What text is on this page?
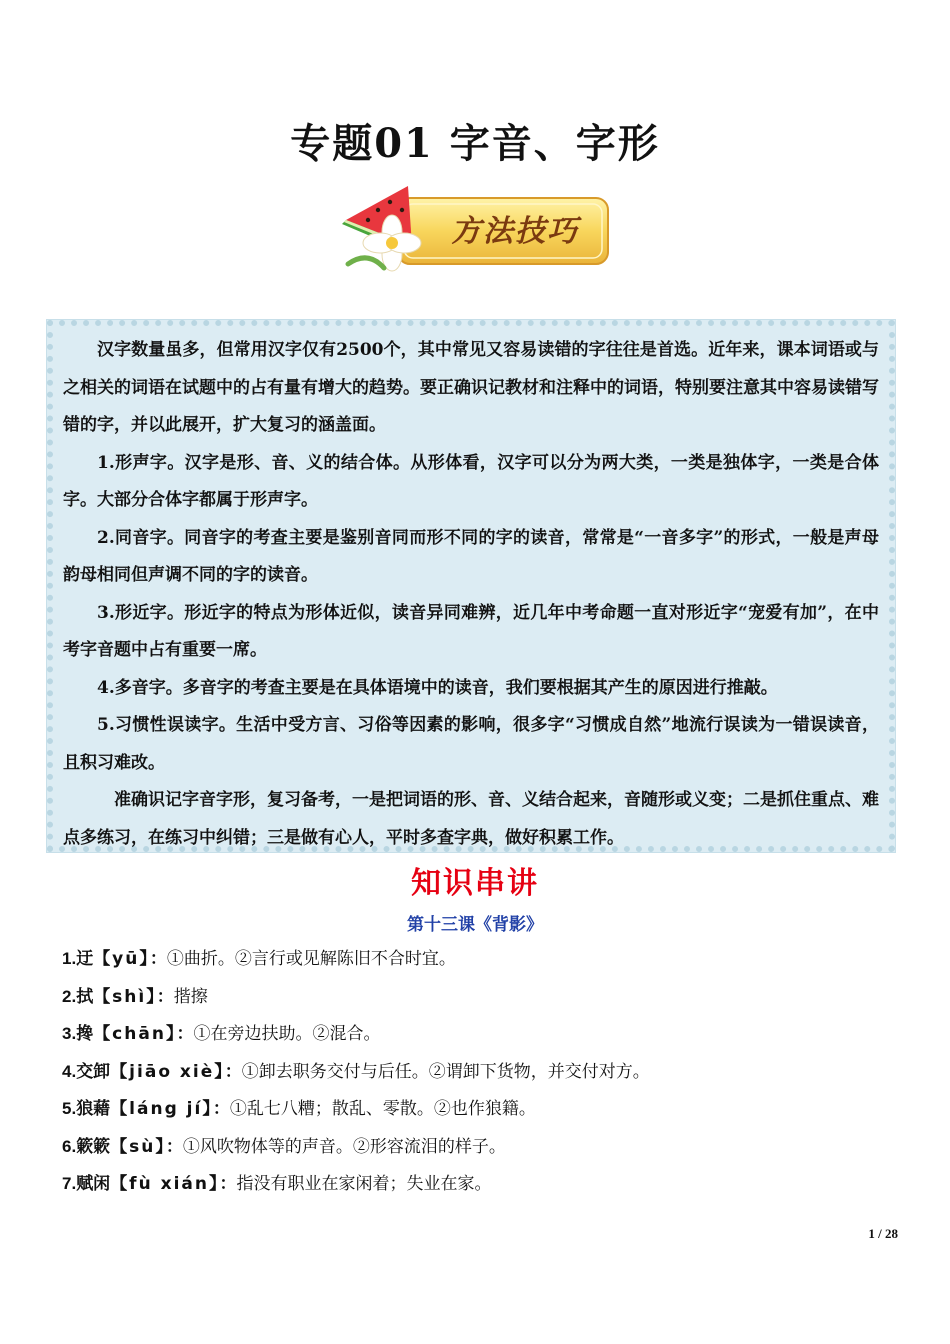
专题01 字音、字形
方法技巧

汉字数量虽多，但常用汉字仅有2500个，其中常见又容易读错的字往往是首选。近年来，课本词语或与之相关的词语在试题中的占有量有增大的趋势。要正确识记教材和注释中的词语，特别要注意其中容易读错写错的字，并以此展开，扩大复习的涵盖面。

1.形声字。汉字是形、音、义的结合体。从形体看，汉字可以分为两大类，一类是独体字，一类是合体字。大部分合体字都属于形声字。

2.同音字。同音字的考查主要是鉴别音同而形不同的字的读音，常常是“一音多字”的形式，一般是声母韵母相同但声调不同的字的读音。

3.形近字。形近字的特点为形体近似，读音异同难辨，近几年中考命题一直对形近字“宠爱有加”，在中考字音题中占有重要一席。

4.多音字。多音字的考查主要是在具体语境中的读音，我们要根据其产生的原因进行推敲。

5.习惯性误读字。生活中受方言、习俗等因素的影响，很多字“习惯成自然”地流行误读为一错误读音，且积习难改。

准确识记字音字形，复习备考，一是把词语的形、音、义结合起来，音随形或义变；二是抓住重点、难点多练习，在练习中纠错；三是做有心人，平时多查字典，做好积累工作。

知识串讲
第十三课《背影》
1.迂【yū】：①曲折。②言行或见解陈旧不合时宜。
2.拭【shì】：揩擦
3.搀【chān】：①在旁边扶助。②混合。
4.交卸【jiāo xiè】：①卸去职务交付与后任。②谓卸下货物，并交付对方。
5.狼藉【láng jí】：①乱七八糟；散乱、零散。②也作狼籍。
6.簌簌【sù】：①风吹物体等的声音。②形容流泪的样子。
7.赋闲【fù xián】：指没有职业在家闲着；失业在家。
1 / 28
